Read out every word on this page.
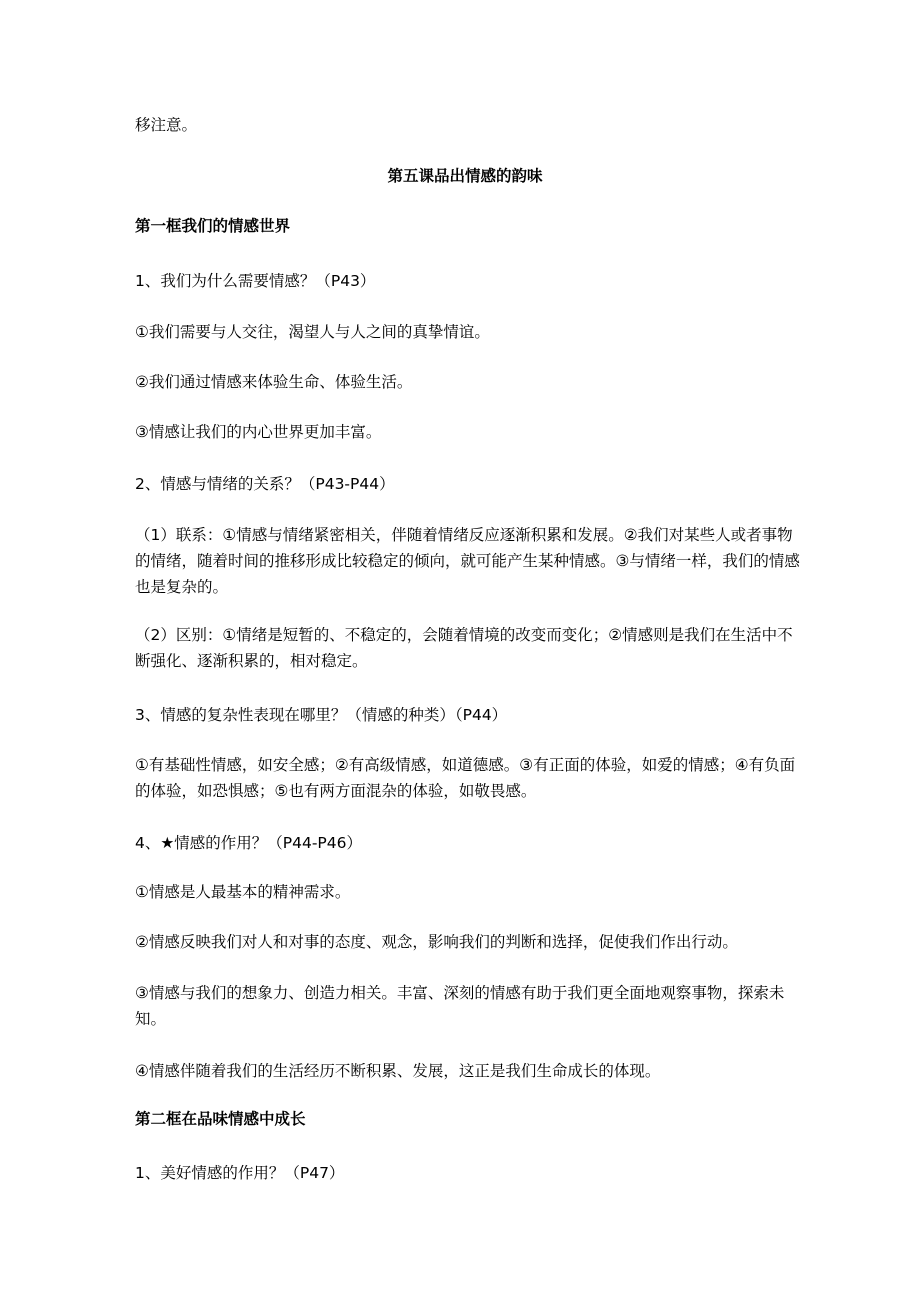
移注意。

第五课品出情感的韵味

第一框我们的情感世界

1、我们为什么需要情感？（P43）

①我们需要与人交往，渴望人与人之间的真挚情谊。

②我们通过情感来体验生命、体验生活。

③情感让我们的内心世界更加丰富。

2、情感与情绪的关系？（P43-P44）

（1）联系：①情感与情绪紧密相关，伴随着情绪反应逐渐积累和发展。②我们对某些人或者事物的情绪，随着时间的推移形成比较稳定的倾向，就可能产生某种情感。③与情绪一样，我们的情感也是复杂的。

（2）区别：①情绪是短暂的、不稳定的，会随着情境的改变而变化；②情感则是我们在生活中不断强化、逐渐积累的，相对稳定。

3、情感的复杂性表现在哪里？（情感的种类）（P44）

①有基础性情感，如安全感；②有高级情感，如道德感。③有正面的体验，如爱的情感；④有负面的体验，如恐惧感；⑤也有两方面混杂的体验，如敬畏感。

4、★情感的作用？（P44-P46）

①情感是人最基本的精神需求。

②情感反映我们对人和对事的态度、观念，影响我们的判断和选择，促使我们作出行动。

③情感与我们的想象力、创造力相关。丰富、深刻的情感有助于我们更全面地观察事物，探索未知。

④情感伴随着我们的生活经历不断积累、发展，这正是我们生命成长的体现。

第二框在品味情感中成长

1、美好情感的作用？（P47）
